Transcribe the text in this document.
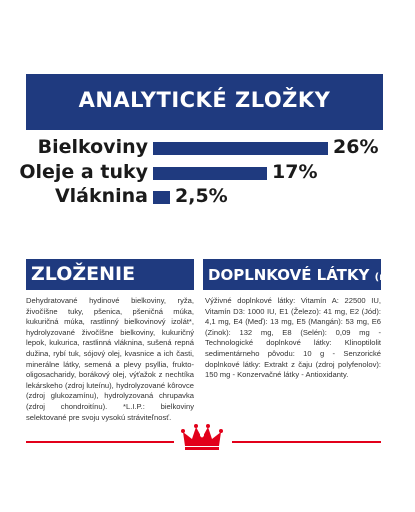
ANALYTICKÉ ZLOŽKY
Bielkoviny	26%
Oleje a tuky	17%
Vláknina 2,5%
ZLOŽENIE	DOPLNKOVÉ LÁTKY (na kg)
Dehydratované hydinové bielkoviny, ryža, živočíšne tuky, pšenica, pšeničná múka, kukuričná múka, rastlinný bielkovinový izolát*, hydrolyzované živočíšne bielkoviny, kukuričný lepok, kukurica, rastlinná vláknina, sušená repná dužina, rybí tuk, sójový olej, kvasnice a ich časti, minerálne látky, semená a plevy psyllia, frukto-oligosacharidy, borákový olej, výťažok z nechtíka lekárskeho (zdroj luteínu), hydrolyzované kôrovce (zdroj glukozamínu), hydrolyzovaná chrupavka (zdroj chondroitínu). *L.I.P.: bielkoviny selektované pre svoju vysokú stráviteľnosť.
Výživné doplnkové látky: Vitamín A: 22500 IU, Vitamín D3: 1000 IU, E1 (Železo): 41 mg, E2 (Jód): 4,1 mg, E4 (Meď): 13 mg, E5 (Mangán): 53 mg, E6 (Zinok): 132 mg, E8 (Selén): 0,09 mg - Technologické doplnkové látky: Klinoptilolit sedimentárneho pôvodu: 10 g - Senzorické doplnkové látky: Extrakt z čaju (zdroj polyfenolov): 150 mg - Konzervačné látky - Antioxidanty.
